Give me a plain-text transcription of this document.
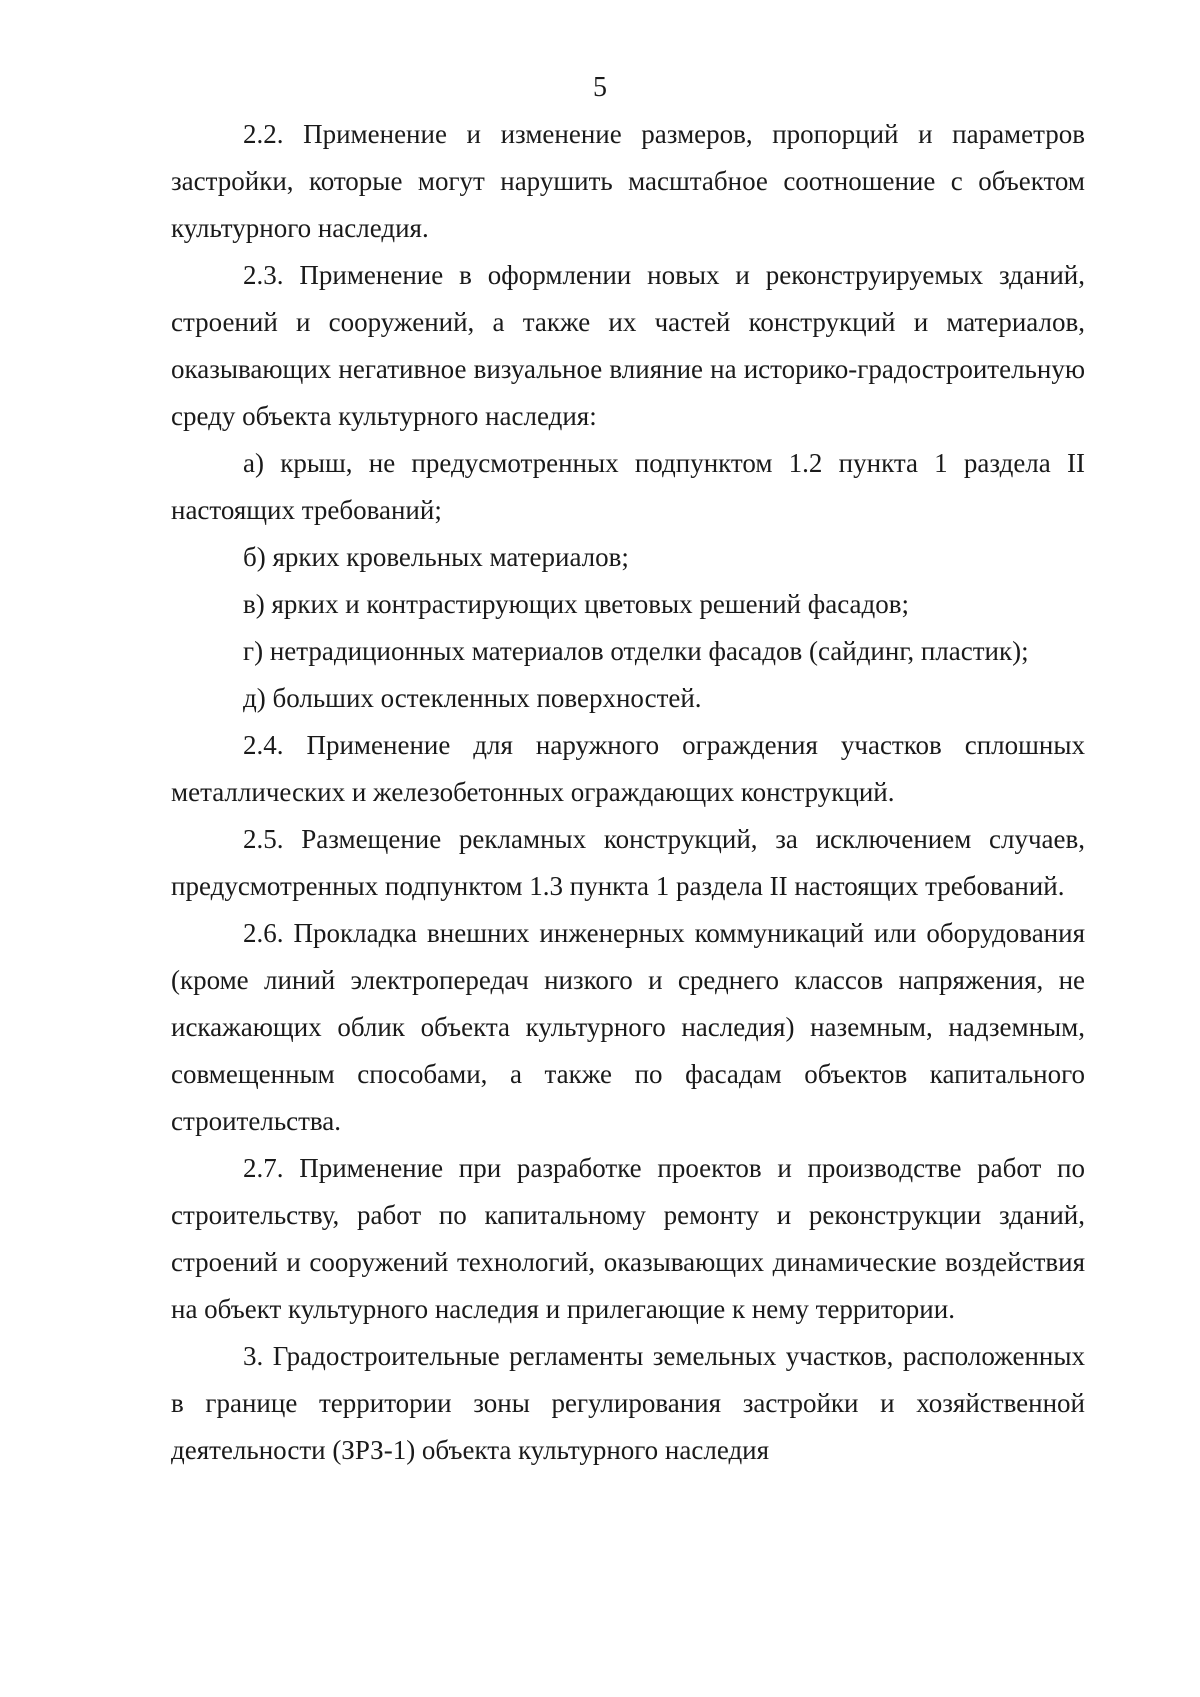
5

2.2. Применение и изменение размеров, пропорций и параметров застройки, которые могут нарушить масштабное соотношение с объектом культурного наследия.

2.3. Применение в оформлении новых и реконструируемых зданий, строений и сооружений, а также их частей конструкций и материалов, оказывающих негативное визуальное влияние на историко-градостроительную среду объекта культурного наследия:

а) крыш, не предусмотренных подпунктом 1.2 пункта 1 раздела II настоящих требований;

б) ярких кровельных материалов;

в) ярких и контрастирующих цветовых решений фасадов;

г) нетрадиционных материалов отделки фасадов (сайдинг, пластик);

д) больших остекленных поверхностей.

2.4. Применение для наружного ограждения участков сплошных металлических и железобетонных ограждающих конструкций.

2.5. Размещение рекламных конструкций, за исключением случаев, предусмотренных подпунктом 1.3 пункта 1 раздела II настоящих требований.

2.6. Прокладка внешних инженерных коммуникаций или оборудования (кроме линий электропередач низкого и среднего классов напряжения, не искажающих облик объекта культурного наследия) наземным, надземным, совмещенным способами, а также по фасадам объектов капитального строительства.

2.7. Применение при разработке проектов и производстве работ по строительству, работ по капитальному ремонту и реконструкции зданий, строений и сооружений технологий, оказывающих динамические воздействия на объект культурного наследия и прилегающие к нему территории.

3. Градостроительные регламенты земельных участков, расположенных в границе территории зоны регулирования застройки и хозяйственной деятельности (ЗРЗ-1) объекта культурного наследия
